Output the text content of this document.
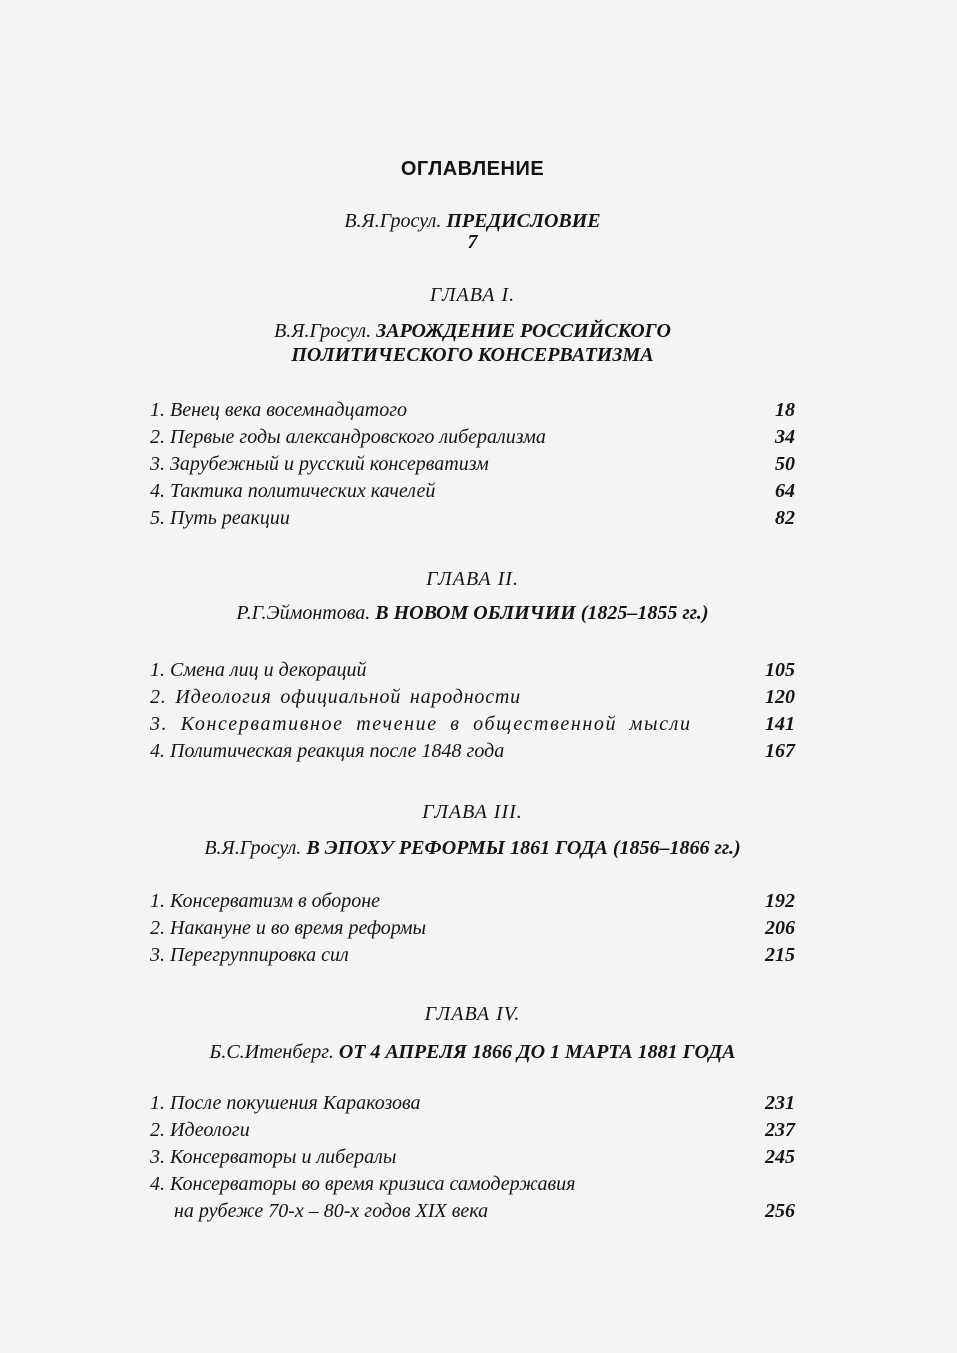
ОГЛАВЛЕНИЕ
В.Я.Гросул. ПРЕДИСЛОВИЕ
7
ГЛАВА I.
В.Я.Гросул. ЗАРОЖДЕНИЕ РОССИЙСКОГО
ПОЛИТИЧЕСКОГО КОНСЕРВАТИЗМА
1. Венец века восемнадцатого	18
2. Первые годы александровского либерализма	34
3. Зарубежный и русский консерватизм	50
4. Тактика политических качелей	64
5. Путь реакции	82
ГЛАВА II.
Р.Г.Эймонтова. В НОВОМ ОБЛИЧИИ (1825–1855 гг.)
1. Смена лиц и декораций	105
2. Идеология официальной народности	120
3. Консервативное течение в общественной мысли	141
4. Политическая реакция после 1848 года	167
ГЛАВА III.
В.Я.Гросул. В ЭПОХУ РЕФОРМЫ 1861 ГОДА (1856–1866 гг.)
1. Консерватизм в обороне	192
2. Накануне и во время реформы	206
3. Перегруппировка сил	215
ГЛАВА IV.
Б.С.Итенберг. ОТ 4 АПРЕЛЯ 1866 ДО 1 МАРТА 1881 ГОДА
1. После покушения Каракозова	231
2. Идеологи	237
3. Консерваторы и либералы	245
4. Консерваторы во время кризиса самодержавия
на рубеже 70-х – 80-х годов XIX века	256
